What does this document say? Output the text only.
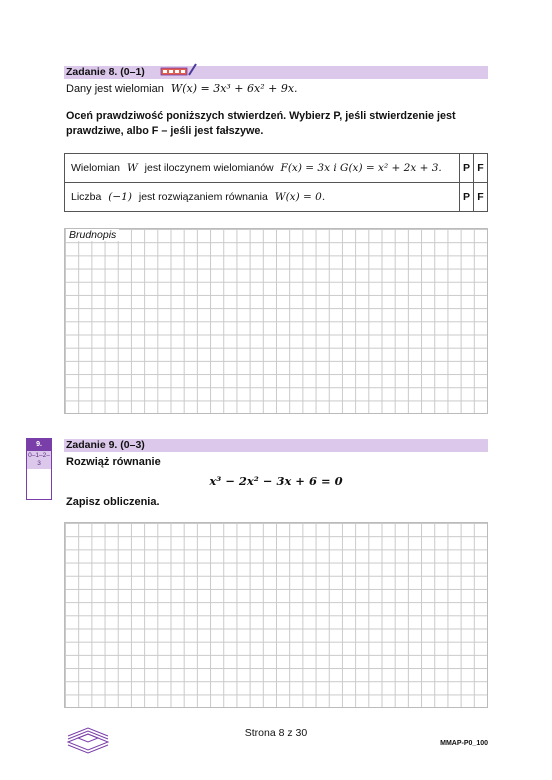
Zadanie 8. (0–1)
Dany jest wielomian W(x) = 3x³ + 6x² + 9x.
Oceń prawdziwość poniższych stwierdzeń. Wybierz P, jeśli stwierdzenie jest prawdziwe, albo F – jeśli jest fałszywe.
Wielomian W jest iloczynem wielomianów F(x) = 3x i G(x) = x² + 2x + 3.	P	F
Liczba (−1) jest rozwiązaniem równania W(x) = 0.	P	F
Brudnopis
9.
0–1–2–3
Zadanie 9. (0–3)
Rozwiąż równanie
x³ − 2x² − 3x + 6 = 0
Zapisz obliczenia.
Strona 8 z 30
MMAP-P0_100
